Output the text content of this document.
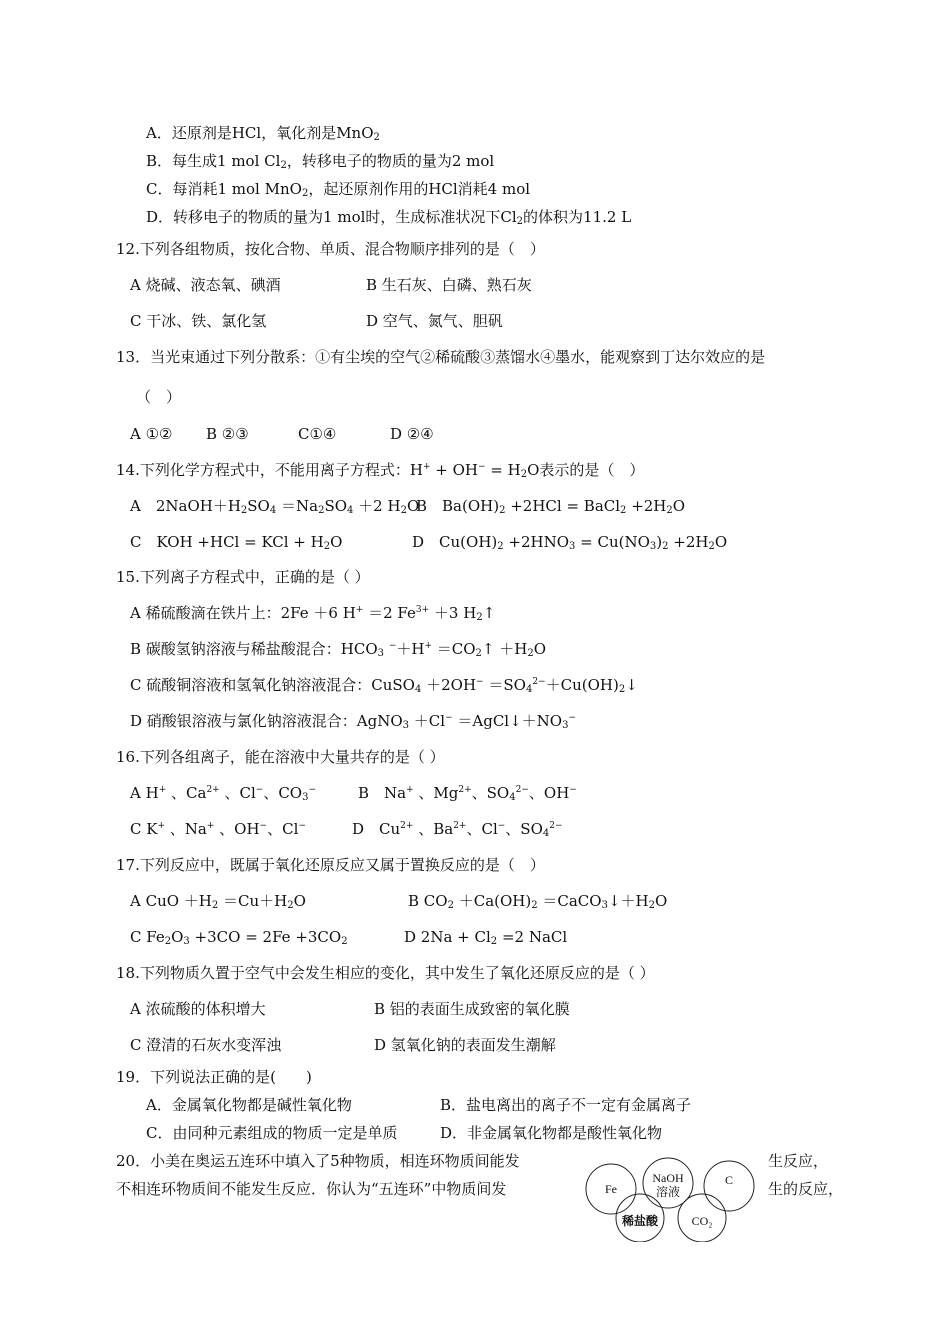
A．还原剂是HCl，氧化剂是MnO$_2$
B．每生成1 mol $Cl_2$，转移电子的物质的量为2 mol
C．每消耗1 mol MnO$_2$，起还原剂作用的HCl消耗4 mol
D．转移电子的物质的量为1 mol时，生成标准状况下$Cl_2$的体积为11.2 L
12.下列各组物质，按化合物、单质、混合物顺序排列的是（　）
A 烧碱、液态氧、碘酒	B 生石灰、白磷、熟石灰
C 干冰、铁、氯化氢	D 空气、氮气、胆矾
13．当光束通过下列分散系：①有尘埃的空气②稀硫酸③蒸馏水④墨水，能观察到丁达尔效应的是
（　）
A ①② B ②③	C①④	D ②④
14.下列化学方程式中，不能用离子方程式：$H^+ + OH^- = H_2O$表示的是（　）
A　$2NaOH+H_2SO_4 =Na_2SO_4 +2$ $H_2O$
B　$Ba(OH)_2 +2HCl$ = BaCl$_2$ $+2H_2O$
C　KOH +HCl = KCl + $H_2O$	D　$Cu(OH)_2 +2HNO_3 = Cu(NO_3)_2 +2H_2O$
15.下列离子方程式中，正确的是（ ）
A 稀硫酸滴在铁片上：2Fe ＋6 H+ ＝2 $Fe^{3+} +3$ $H_2↑$
B 碳酸氢钠溶液与稀盐酸混合：$HCO_3$ $^-+H^+ =CO_2↑ +H_2O$
C 硫酸铜溶液和氢氧化钠溶液混合：CuSO$_4$ $+2OH^- =SO_4^{2-}+Cu(OH)_2↓$
D 硝酸银溶液与氯化钠溶液混合：AgNO$_3$ $+Cl^- =AgCl↓+NO_3^-$
16.下列各组离子，能在溶液中大量共存的是（ ）
A H+ 、$Ca^{2+}$ 、Cl−、$CO_3^-$	B　Na+ 、$Mg^{2+}$、$SO_4^{2-}$、OH−
C K+ 、Na+ 、OH−、Cl−	D　$Cu^{2+}$ 、$Ba^{2+}$、Cl−、$SO_4^{2-}$
17.下列反应中，既属于氧化还原反应又属于置换反应的是（　）
A CuO $+H_2 =Cu+H_2O$	B $CO_2 +Ca(OH)_2$ $=CaCO_3↓+H_2O$
C $Fe_2O_3 +3CO = 2Fe +3CO_2$	D $2Na + Cl_2 =2$ NaCl
18.下列物质久置于空气中会发生相应的变化，其中发生了氧化还原反应的是（ ）
A 浓硫酸的体积增大	B 铝的表面生成致密的氧化膜
C 澄清的石灰水变浑浊	D 氢氧化钠的表面发生潮解
19．下列说法正确的是(　　)
A．金属氧化物都是碱性氧化物	B．盐电离出的离子不一定有金属离子
C．由同种元素组成的物质一定是单质	D．非金属氧化物都是酸性氧化物
20．小美在奥运五连环中填入了5种物质，相连环物质间能发	生反应，
不相连环物质间不能发生反应．你认为“五连环”中物质间发	生的反应，
Fe
NaOH
溶液
C
稀盐酸	CO₂
